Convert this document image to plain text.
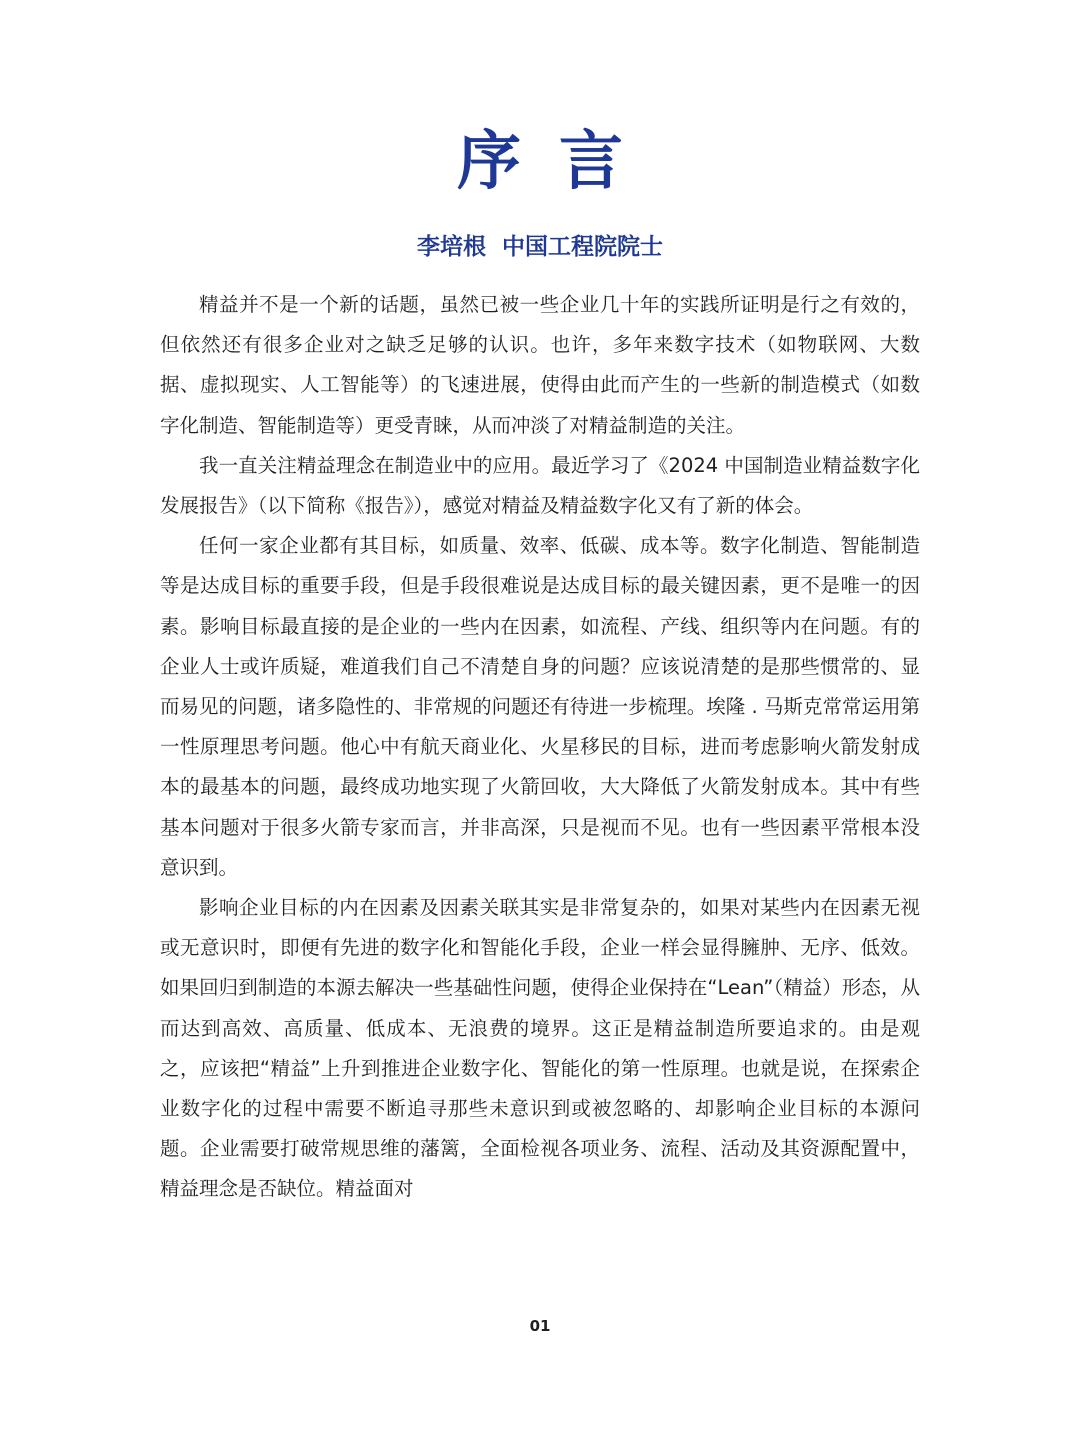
序言
李培根  中国工程院院士

精益并不是一个新的话题，虽然已被一些企业几十年的实践所证明是行之有效的，但依然还有很多企业对之缺乏足够的认识。也许，多年来数字技术（如物联网、大数据、虚拟现实、人工智能等）的飞速进展，使得由此而产生的一些新的制造模式（如数字化制造、智能制造等）更受青睐，从而冲淡了对精益制造的关注。

我一直关注精益理念在制造业中的应用。最近学习了《2024 中国制造业精益数字化发展报告》（以下简称《报告》），感觉对精益及精益数字化又有了新的体会。

任何一家企业都有其目标，如质量、效率、低碳、成本等。数字化制造、智能制造等是达成目标的重要手段，但是手段很难说是达成目标的最关键因素，更不是唯一的因素。影响目标最直接的是企业的一些内在因素，如流程、产线、组织等内在问题。有的企业人士或许质疑，难道我们自己不清楚自身的问题？应该说清楚的是那些惯常的、显而易见的问题，诸多隐性的、非常规的问题还有待进一步梳理。埃隆 . 马斯克常常运用第一性原理思考问题。他心中有航天商业化、火星移民的目标，进而考虑影响火箭发射成本的最基本的问题，最终成功地实现了火箭回收，大大降低了火箭发射成本。其中有些基本问题对于很多火箭专家而言，并非高深，只是视而不见。也有一些因素平常根本没意识到。

影响企业目标的内在因素及因素关联其实是非常复杂的，如果对某些内在因素无视或无意识时，即便有先进的数字化和智能化手段，企业一样会显得臃肿、无序、低效。如果回归到制造的本源去解决一些基础性问题，使得企业保持在“Lean”（精益）形态，从而达到高效、高质量、低成本、无浪费的境界。这正是精益制造所要追求的。由是观之，应该把“精益”上升到推进企业数字化、智能化的第一性原理。也就是说，在探索企业数字化的过程中需要不断追寻那些未意识到或被忽略的、却影响企业目标的本源问题。企业需要打破常规思维的藩篱，全面检视各项业务、流程、活动及其资源配置中，精益理念是否缺位。精益面对

01
